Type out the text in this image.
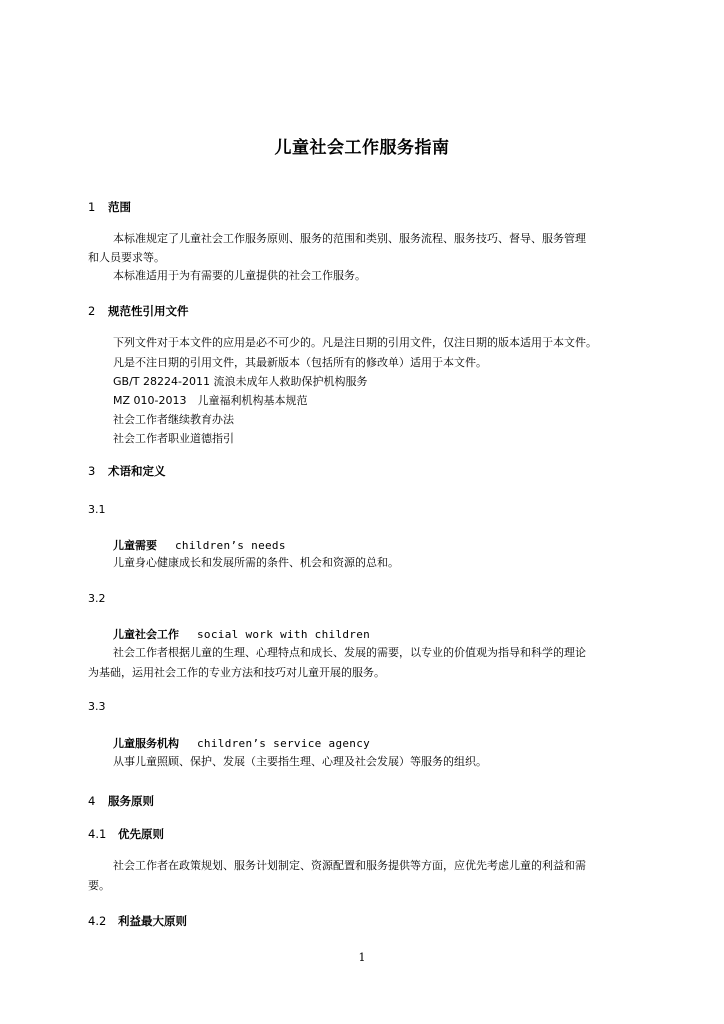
儿童社会工作服务指南
1 范围
本标准规定了儿童社会工作服务原则、服务的范围和类别、服务流程、服务技巧、督导、服务管理
和人员要求等。
本标准适用于为有需要的儿童提供的社会工作服务。
2 规范性引用文件
下列文件对于本文件的应用是必不可少的。凡是注日期的引用文件，仅注日期的版本适用于本文件。
凡是不注日期的引用文件，其最新版本（包括所有的修改单）适用于本文件。
GB/T 28224-2011 流浪未成年人救助保护机构服务
MZ 010-2013　儿童福利机构基本规范
社会工作者继续教育办法
社会工作者职业道德指引
3 术语和定义
3.1
儿童需要 children’s needs
儿童身心健康成长和发展所需的条件、机会和资源的总和。
3.2
儿童社会工作 social work with children
社会工作者根据儿童的生理、心理特点和成长、发展的需要，以专业的价值观为指导和科学的理论
为基础，运用社会工作的专业方法和技巧对儿童开展的服务。
3.3
儿童服务机构 children’s service agency
从事儿童照顾、保护、发展（主要指生理、心理及社会发展）等服务的组织。
4 服务原则
4.1 优先原则
社会工作者在政策规划、服务计划制定、资源配置和服务提供等方面，应优先考虑儿童的利益和需
要。
4.2 利益最大原则
1
